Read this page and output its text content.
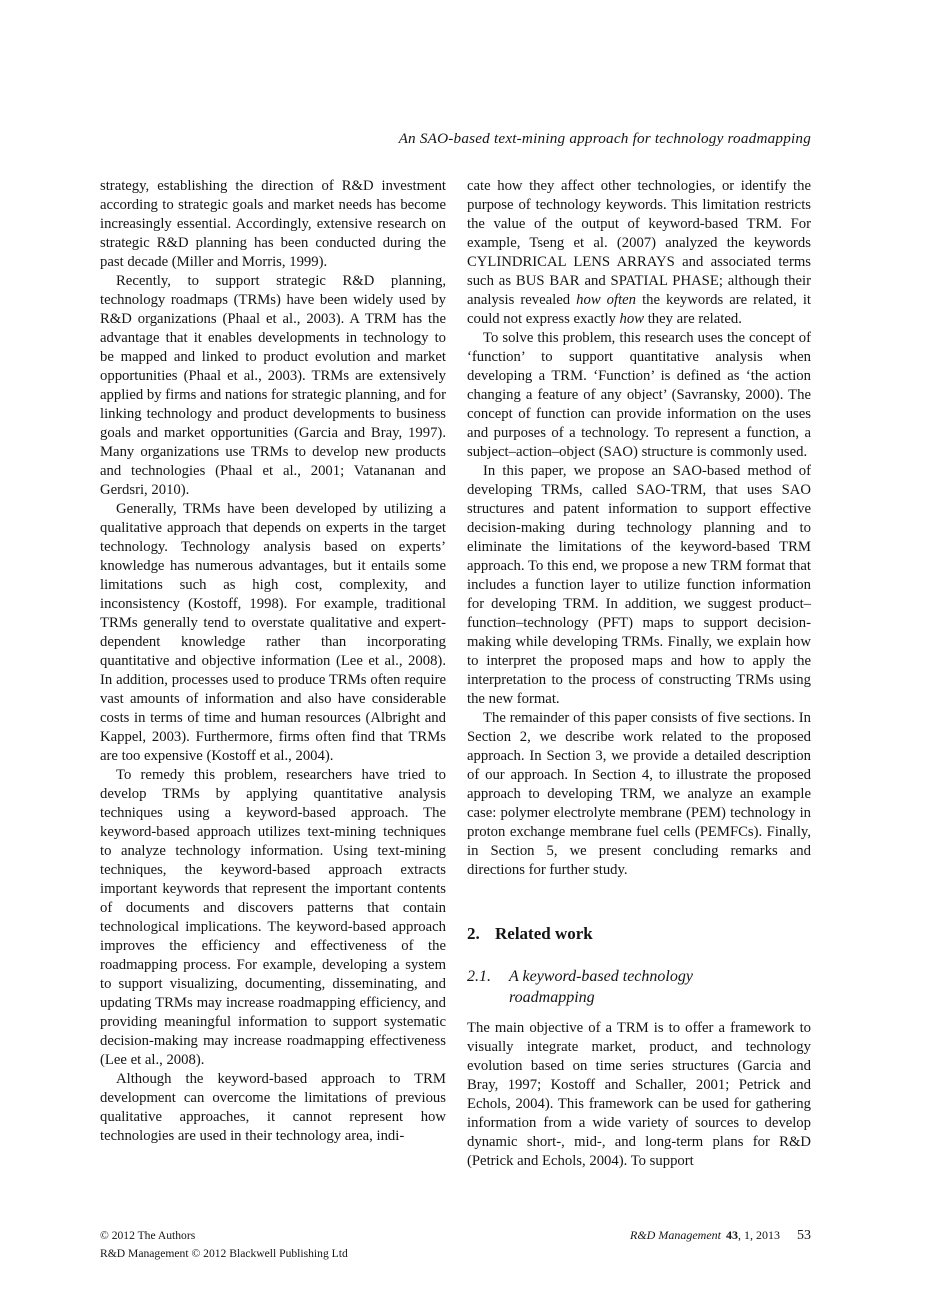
An SAO-based text-mining approach for technology roadmapping

strategy, establishing the direction of R&D investment according to strategic goals and market needs has become increasingly essential. Accordingly, extensive research on strategic R&D planning has been conducted during the past decade (Miller and Morris, 1999).

Recently, to support strategic R&D planning, technology roadmaps (TRMs) have been widely used by R&D organizations (Phaal et al., 2003). A TRM has the advantage that it enables developments in technology to be mapped and linked to product evolution and market opportunities (Phaal et al., 2003). TRMs are extensively applied by firms and nations for strategic planning, and for linking technology and product developments to business goals and market opportunities (Garcia and Bray, 1997). Many organizations use TRMs to develop new products and technologies (Phaal et al., 2001; Vatananan and Gerdsri, 2010).

Generally, TRMs have been developed by utilizing a qualitative approach that depends on experts in the target technology. Technology analysis based on experts’ knowledge has numerous advantages, but it entails some limitations such as high cost, complexity, and inconsistency (Kostoff, 1998). For example, traditional TRMs generally tend to overstate qualitative and expert-dependent knowledge rather than incorporating quantitative and objective information (Lee et al., 2008). In addition, processes used to produce TRMs often require vast amounts of information and also have considerable costs in terms of time and human resources (Albright and Kappel, 2003). Furthermore, firms often find that TRMs are too expensive (Kostoff et al., 2004).

To remedy this problem, researchers have tried to develop TRMs by applying quantitative analysis techniques using a keyword-based approach. The keyword-based approach utilizes text-mining techniques to analyze technology information. Using text-mining techniques, the keyword-based approach extracts important keywords that represent the important contents of documents and discovers patterns that contain technological implications. The keyword-based approach improves the efficiency and effectiveness of the roadmapping process. For example, developing a system to support visualizing, documenting, disseminating, and updating TRMs may increase roadmapping efficiency, and providing meaningful information to support systematic decision-making may increase roadmapping effectiveness (Lee et al., 2008).

Although the keyword-based approach to TRM development can overcome the limitations of previous qualitative approaches, it cannot represent how technologies are used in their technology area, indi-

cate how they affect other technologies, or identify the purpose of technology keywords. This limitation restricts the value of the output of keyword-based TRM. For example, Tseng et al. (2007) analyzed the keywords CYLINDRICAL LENS ARRAYS and associated terms such as BUS BAR and SPATIAL PHASE; although their analysis revealed how often the keywords are related, it could not express exactly how they are related.

To solve this problem, this research uses the concept of ‘function’ to support quantitative analysis when developing a TRM. ‘Function’ is defined as ‘the action changing a feature of any object’ (Savransky, 2000). The concept of function can provide information on the uses and purposes of a technology. To represent a function, a subject–action–object (SAO) structure is commonly used.

In this paper, we propose an SAO-based method of developing TRMs, called SAO-TRM, that uses SAO structures and patent information to support effective decision-making during technology planning and to eliminate the limitations of the keyword-based TRM approach. To this end, we propose a new TRM format that includes a function layer to utilize function information for developing TRM. In addition, we suggest product–function–technology (PFT) maps to support decision-making while developing TRMs. Finally, we explain how to interpret the proposed maps and how to apply the interpretation to the process of constructing TRMs using the new format.

The remainder of this paper consists of five sections. In Section 2, we describe work related to the proposed approach. In Section 3, we provide a detailed description of our approach. In Section 4, to illustrate the proposed approach to developing TRM, we analyze an example case: polymer electrolyte membrane (PEM) technology in proton exchange membrane fuel cells (PEMFCs). Finally, in Section 5, we present concluding remarks and directions for further study.

2. Related work
2.1.	A keyword-based technology
roadmapping

The main objective of a TRM is to offer a framework to visually integrate market, product, and technology evolution based on time series structures (Garcia and Bray, 1997; Kostoff and Schaller, 2001; Petrick and Echols, 2004). This framework can be used for gathering information from a wide variety of sources to develop dynamic short-, mid-, and long-term plans for R&D (Petrick and Echols, 2004). To support

© 2012 The Authors
R&D Management © 2012 Blackwell Publishing Ltd
R&D Management 43, 1, 2013 53
